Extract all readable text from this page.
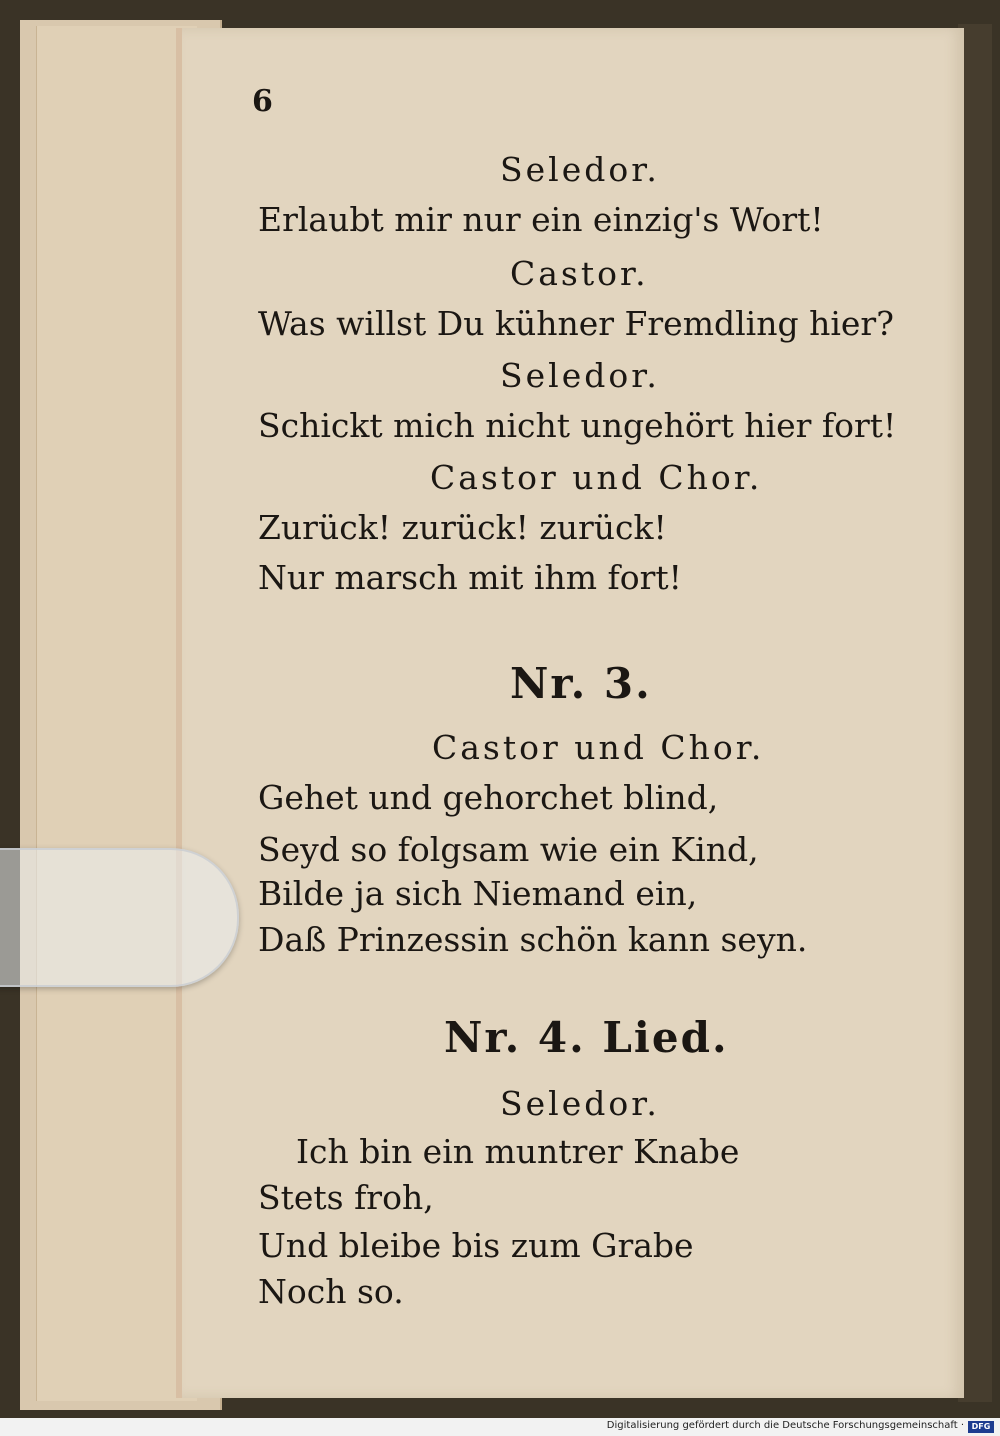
6
Seledor.
Erlaubt mir nur ein einzig's Wort!
Castor.
Was willst Du kühner Fremdling hier?
Seledor.
Schickt mich nicht ungehört hier fort!
Castor und Chor.
Zurück! zurück! zurück!
Nur marsch mit ihm fort!
Nr. 3.
Castor und Chor.
Gehet und gehorchet blind,
Seyd so folgsam wie ein Kind,
Bilde ja sich Niemand ein,
Daß Prinzessin schön kann seyn.
Nr. 4. Lied.
Seledor.
Ich bin ein muntrer Knabe
Stets froh,
Und bleibe bis zum Grabe
Noch so.
Digitalisierung gefördert durch die Deutsche Forschungsgemeinschaft · DFG
